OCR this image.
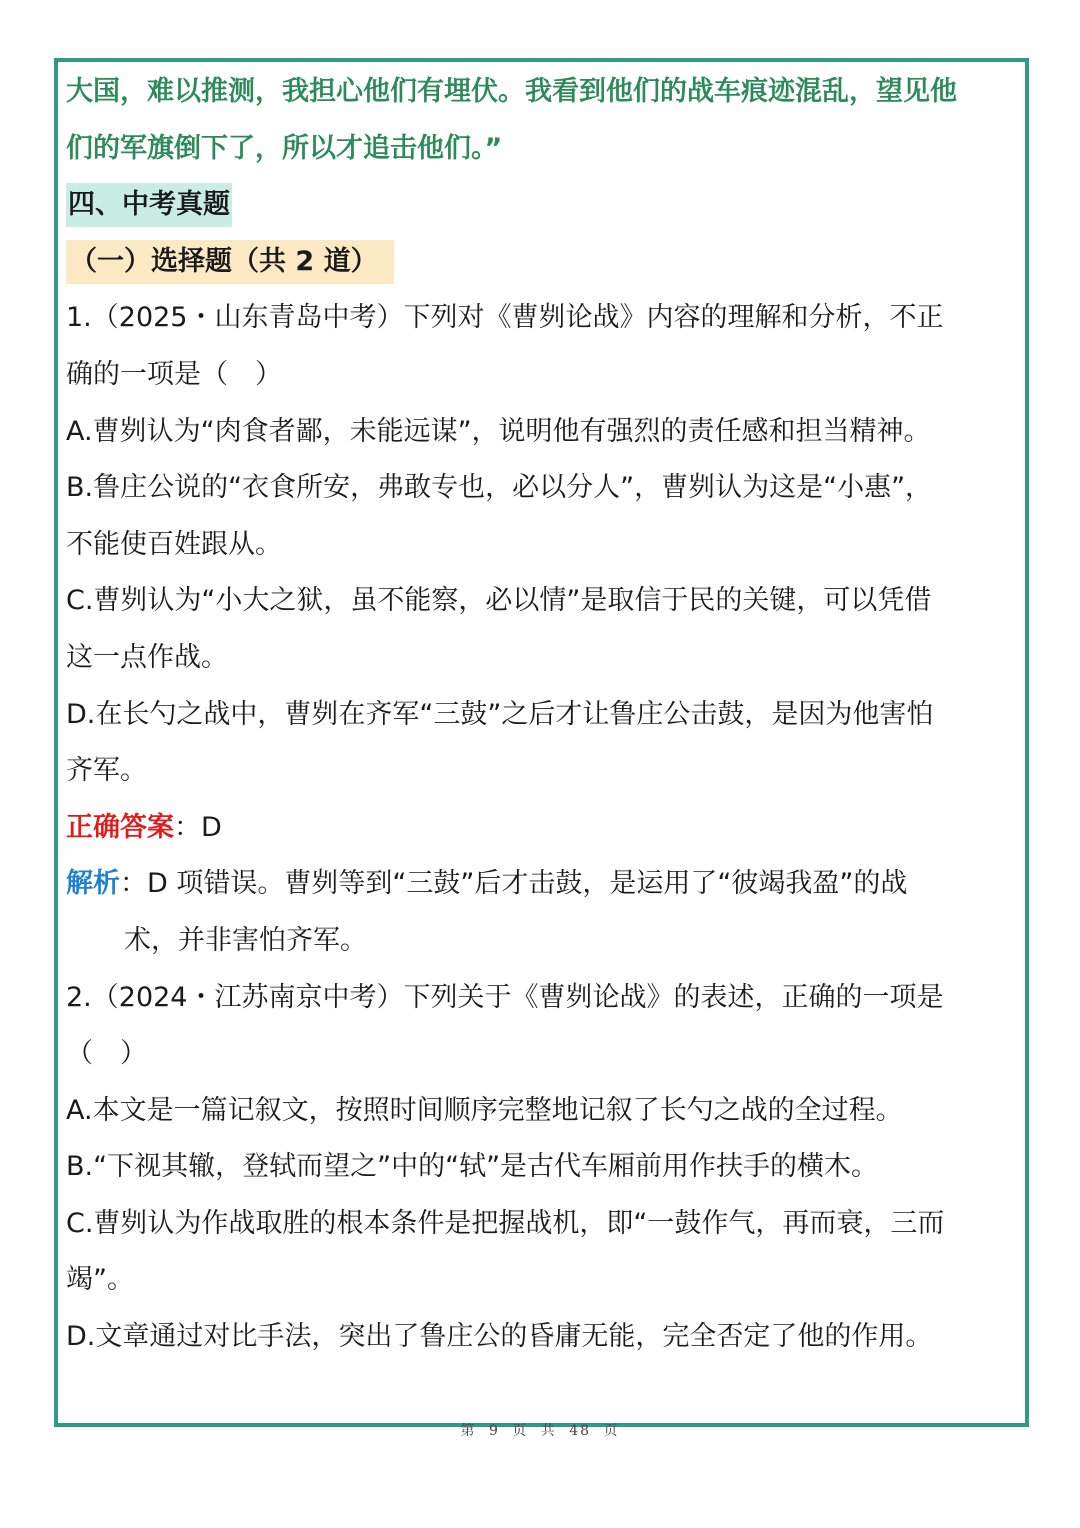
大国，难以推测，我担心他们有埋伏。我看到他们的战车痕迹混乱，望见他
们的军旗倒下了，所以才追击他们。”
四、中考真题
（一）选择题（共 2 道）
1.（2025・山东青岛中考）下列对《曹刿论战》内容的理解和分析，不正
确的一项是（　）
A.曹刿认为“肉食者鄙，未能远谋”，说明他有强烈的责任感和担当精神。
B.鲁庄公说的“衣食所安，弗敢专也，必以分人”，曹刿认为这是“小惠”，
不能使百姓跟从。
C.曹刿认为“小大之狱，虽不能察，必以情”是取信于民的关键，可以凭借
这一点作战。
D.在长勺之战中，曹刿在齐军“三鼓”之后才让鲁庄公击鼓，是因为他害怕
齐军。
正确答案：D
解析：D 项错误。曹刿等到“三鼓”后才击鼓，是运用了“彼竭我盈”的战
术，并非害怕齐军。
2.（2024・江苏南京中考）下列关于《曹刿论战》的表述，正确的一项是
（　）
A.本文是一篇记叙文，按照时间顺序完整地记叙了长勺之战的全过程。
B.“下视其辙，登轼而望之”中的“轼”是古代车厢前用作扶手的横木。
C.曹刿认为作战取胜的根本条件是把握战机，即“一鼓作气，再而衰，三而
竭”。
D.文章通过对比手法，突出了鲁庄公的昏庸无能，完全否定了他的作用。
第 9 页 共 48 页
